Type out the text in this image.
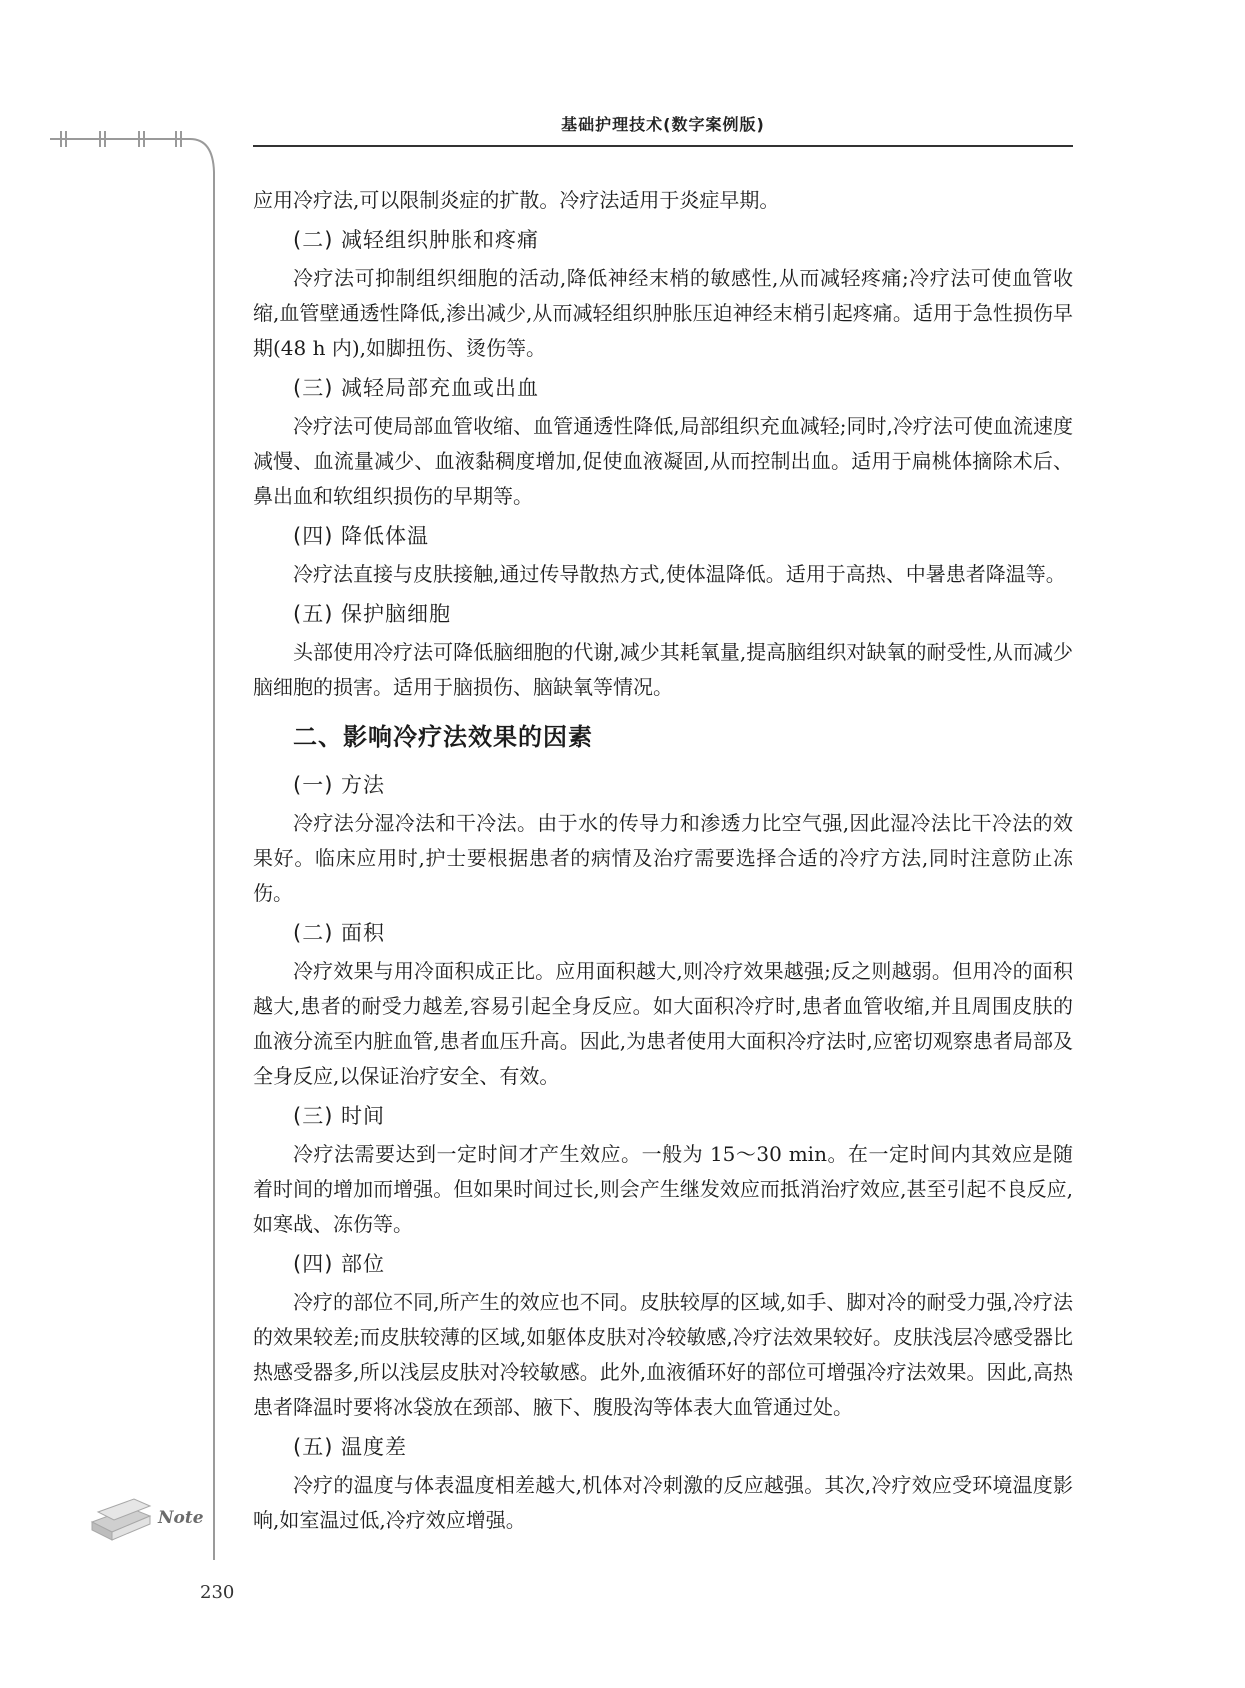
基础护理技术(数字案例版)
Note

应用冷疗法,可以限制炎症的扩散。冷疗法适用于炎症早期。

(二) 减轻组织肿胀和疼痛

冷疗法可抑制组织细胞的活动,降低神经末梢的敏感性,从而减轻疼痛;冷疗法可使血管收缩,血管壁通透性降低,渗出减少,从而减轻组织肿胀压迫神经末梢引起疼痛。适用于急性损伤早期(48 h 内),如脚扭伤、烫伤等。

(三) 减轻局部充血或出血

冷疗法可使局部血管收缩、血管通透性降低,局部组织充血减轻;同时,冷疗法可使血流速度减慢、血流量减少、血液黏稠度增加,促使血液凝固,从而控制出血。适用于扁桃体摘除术后、鼻出血和软组织损伤的早期等。

(四) 降低体温

冷疗法直接与皮肤接触,通过传导散热方式,使体温降低。适用于高热、中暑患者降温等。

(五) 保护脑细胞

头部使用冷疗法可降低脑细胞的代谢,减少其耗氧量,提高脑组织对缺氧的耐受性,从而减少脑细胞的损害。适用于脑损伤、脑缺氧等情况。

二、影响冷疗法效果的因素
(一) 方法

冷疗法分湿冷法和干冷法。由于水的传导力和渗透力比空气强,因此湿冷法比干冷法的效果好。临床应用时,护士要根据患者的病情及治疗需要选择合适的冷疗方法,同时注意防止冻伤。

(二) 面积

冷疗效果与用冷面积成正比。应用面积越大,则冷疗效果越强;反之则越弱。但用冷的面积越大,患者的耐受力越差,容易引起全身反应。如大面积冷疗时,患者血管收缩,并且周围皮肤的血液分流至内脏血管,患者血压升高。因此,为患者使用大面积冷疗法时,应密切观察患者局部及全身反应,以保证治疗安全、有效。

(三) 时间

冷疗法需要达到一定时间才产生效应。一般为 15～30 min。在一定时间内其效应是随着时间的增加而增强。但如果时间过长,则会产生继发效应而抵消治疗效应,甚至引起不良反应,如寒战、冻伤等。

(四) 部位

冷疗的部位不同,所产生的效应也不同。皮肤较厚的区域,如手、脚对冷的耐受力强,冷疗法的效果较差;而皮肤较薄的区域,如躯体皮肤对冷较敏感,冷疗法效果较好。皮肤浅层冷感受器比热感受器多,所以浅层皮肤对冷较敏感。此外,血液循环好的部位可增强冷疗法效果。因此,高热患者降温时要将冰袋放在颈部、腋下、腹股沟等体表大血管通过处。

(五) 温度差

冷疗的温度与体表温度相差越大,机体对冷刺激的反应越强。其次,冷疗效应受环境温度影响,如室温过低,冷疗效应增强。

230
